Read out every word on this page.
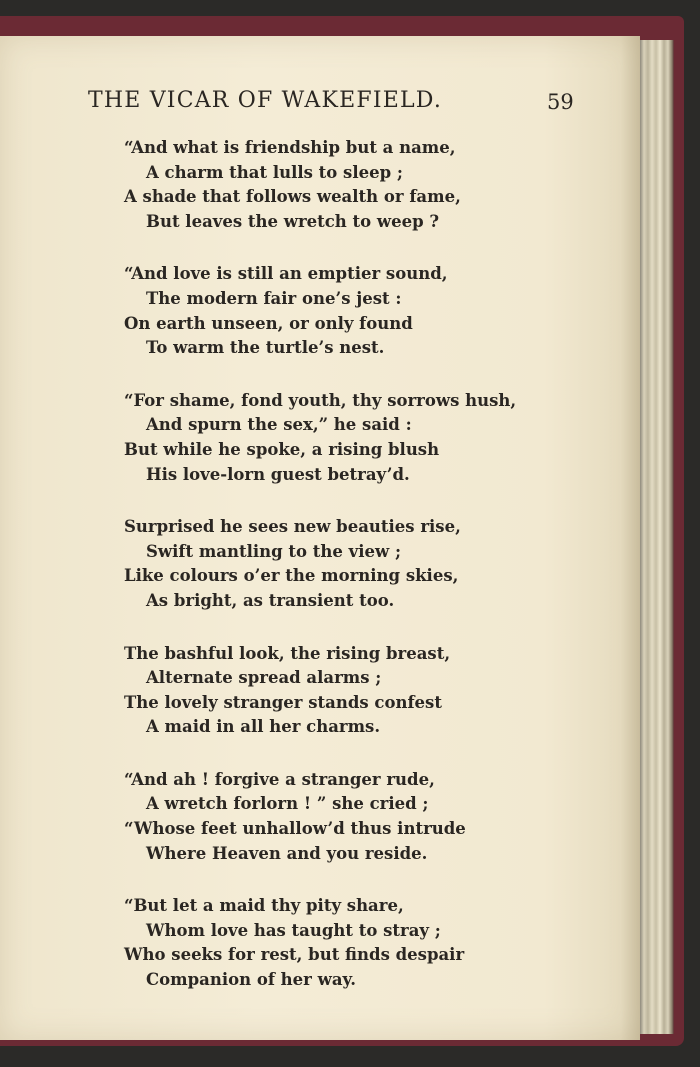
THE VICAR OF WAKEFIELD.	59
“And what is friendship but a name,
A charm that lulls to sleep ;
A shade that follows wealth or fame,
But leaves the wretch to weep ?
“And love is still an emptier sound,
The modern fair one’s jest :
On earth unseen, or only found
To warm the turtle’s nest.
“For shame, fond youth, thy sorrows hush,
And spurn the sex,” he said :
But while he spoke, a rising blush
His love-lorn guest betray’d.
Surprised he sees new beauties rise,
Swift mantling to the view ;
Like colours o’er the morning skies,
As bright, as transient too.
The bashful look, the rising breast,
Alternate spread alarms ;
The lovely stranger stands confest
A maid in all her charms.
“And ah ! forgive a stranger rude,
A wretch forlorn ! ” she cried ;
“Whose feet unhallow’d thus intrude
Where Heaven and you reside.
“But let a maid thy pity share,
Whom love has taught to stray ;
Who seeks for rest, but finds despair
Companion of her way.
